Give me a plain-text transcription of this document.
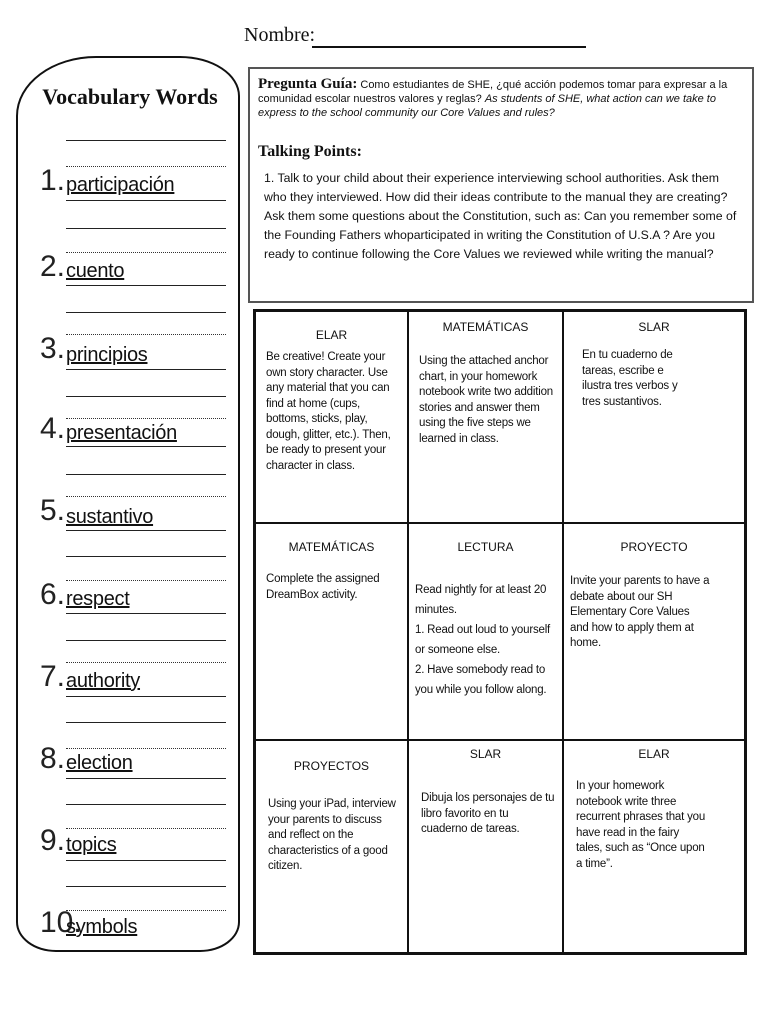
Nombre:
Vocabulary Words
1. participación
2. cuento
3. principios
4. presentación
5. sustantivo
6. respect
7. authority
8. election
9. topics
10.
symbols
Pregunta Guía: Como estudiantes de SHE, ¿qué acción podemos tomar para expresar a la comunidad escolar nuestros valores y reglas? As students of SHE, what action can we take to express to the school community our Core Values and rules?
Talking Points:
1. Talk to your child about their experience interviewing school authorities. Ask them who they interviewed. How did their ideas contribute to the manual they are creating? Ask them some questions about the Constitution, such as: Can you remember some of the Founding Fathers whoparticipated in writing the Constitution of U.S.A ? Are you ready to continue following the Core Values we reviewed while writing the manual?
ELAR
Be creative! Create your own story character. Use any material that you can find at home (cups, bottoms, sticks, play, dough, glitter, etc.). Then, be ready to present your character in class.
MATEMÁTICAS
Using the attached anchor chart, in your homework notebook write two addition stories and answer them using the five steps we learned in class.
SLAR
En tu cuaderno de tareas, escribe e ilustra tres verbos y tres sustantivos.
MATEMÁTICAS
Complete the assigned DreamBox activity.
LECTURA
Read nightly for at least 20 minutes.
1. Read out loud to yourself or someone else.
2. Have somebody read to you while you follow along.
PROYECTO
Invite your parents to have a debate about our SH Elementary Core Values and how to apply them at home.
PROYECTOS
Using your iPad, interview your parents to discuss and reflect on the characteristics of a good citizen.
SLAR
Dibuja los personajes de tu libro favorito en tu cuaderno de tareas.
ELAR
In your homework notebook write three recurrent phrases that you have read in the fairy tales, such as “Once upon a time”.
